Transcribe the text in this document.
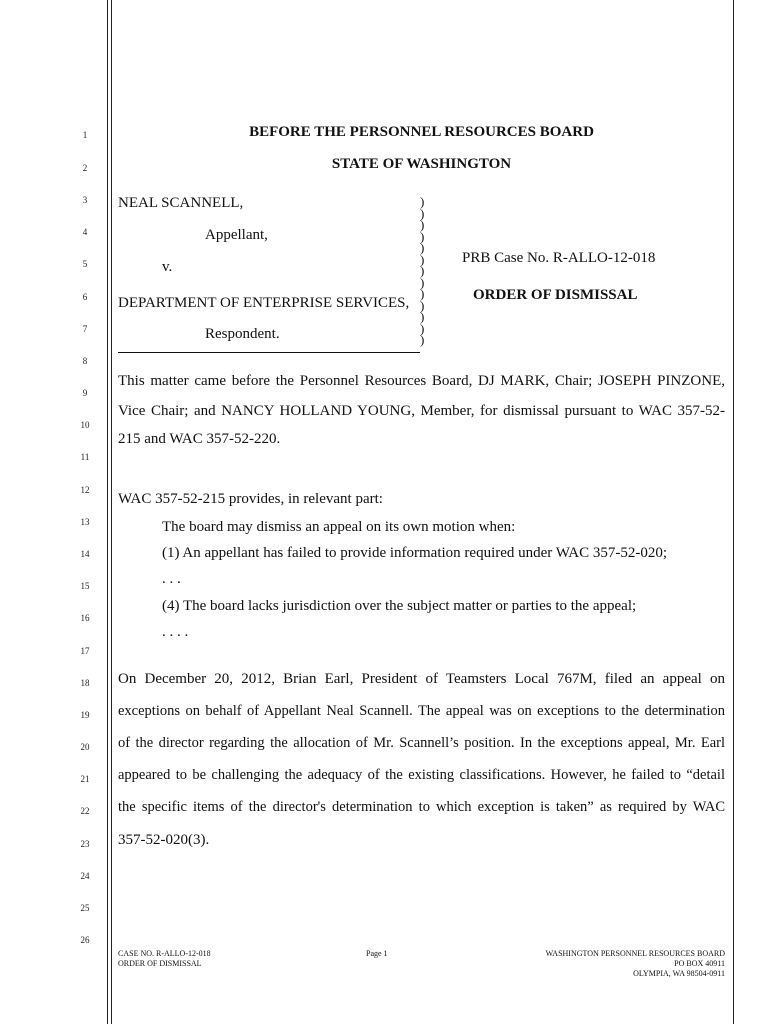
1
2
3
4
5
6
7
8
9
10
11
12
13
14
15
16
17
18
19
20
21
22
23
24
25
26
BEFORE THE PERSONNEL RESOURCES BOARD
STATE OF WASHINGTON
NEAL SCANNELL,
Appellant,
v.
DEPARTMENT OF ENTERPRISE SERVICES,
Respondent.
)
)
)
)
)
)
)
)
)
)
)
)
)
PRB Case No. R-ALLO-12-018
ORDER OF DISMISSAL
This matter came before the Personnel Resources Board, DJ MARK, Chair; JOSEPH PINZONE,
Vice Chair; and NANCY HOLLAND YOUNG, Member, for dismissal pursuant to WAC 357-52-
215 and WAC 357-52-220.
WAC 357-52-215 provides, in relevant part:
The board may dismiss an appeal on its own motion when:
(1) An appellant has failed to provide information required under WAC 357-52-020;
. . .
(4) The board lacks jurisdiction over the subject matter or parties to the appeal;
. . . .
On December 20, 2012, Brian Earl, President of Teamsters Local 767M, filed an appeal on
exceptions on behalf of Appellant Neal Scannell. The appeal was on exceptions to the determination
of the director regarding the allocation of Mr. Scannell’s position. In the exceptions appeal, Mr. Earl
appeared to be challenging the adequacy of the existing classifications. However, he failed to “detail
the specific items of the director's determination to which exception is taken” as required by WAC
357-52-020(3).
CASE NO. R-ALLO-12-018
ORDER OF DISMISSAL
Page 1	WASHINGTON PERSONNEL RESOURCES BOARD
PO BOX 40911
OLYMPIA, WA 98504-0911
